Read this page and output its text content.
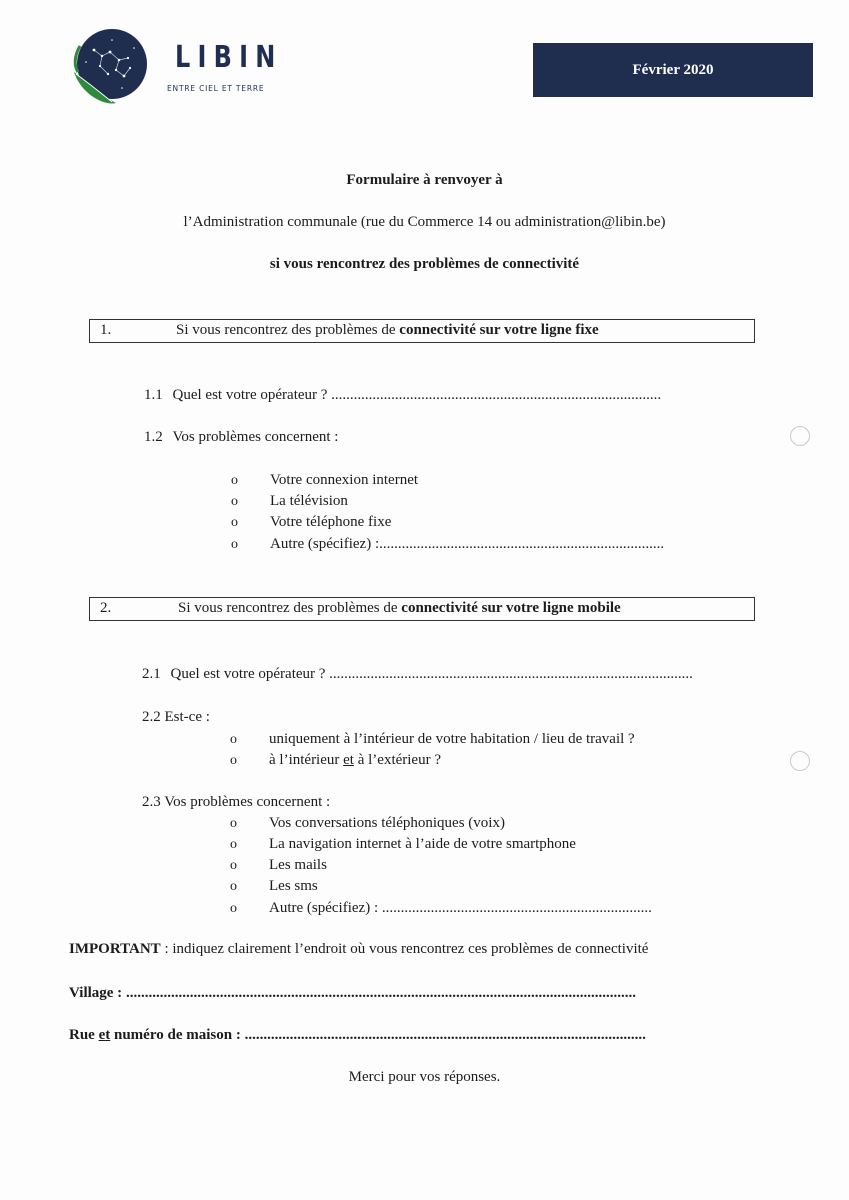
LIBIN
ENTRE CIEL ET TERRE
Février 2020
Formulaire à renvoyer à
l’Administration communale (rue du Commerce 14 ou administration@libin.be)
si vous rencontrez des problèmes de connectivité
1.	Si vous rencontrez des problèmes de connectivité sur votre ligne fixe
1.1 Quel est votre opérateur ? ........................................................................................
1.2 Vos problèmes concernent :
o Votre connexion internet
o La télévision
o Votre téléphone fixe
o Autre (spécifiez) :............................................................................
2.	Si vous rencontrez des problèmes de connectivité sur votre ligne mobile
2.1 Quel est votre opérateur ? .................................................................................................
2.2 Est-ce :
o uniquement à l’intérieur de votre habitation / lieu de travail ?
o à l’intérieur et à l’extérieur ?
2.3 Vos problèmes concernent :
o Vos conversations téléphoniques (voix)
o La navigation internet à l’aide de votre smartphone
o Les mails
o Les sms
o Autre (spécifiez) : ........................................................................
IMPORTANT : indiquez clairement l’endroit où vous rencontrez ces problèmes de connectivité
Village : ........................................................................................................................................
Rue et numéro de maison : ...........................................................................................................
Merci pour vos réponses.
